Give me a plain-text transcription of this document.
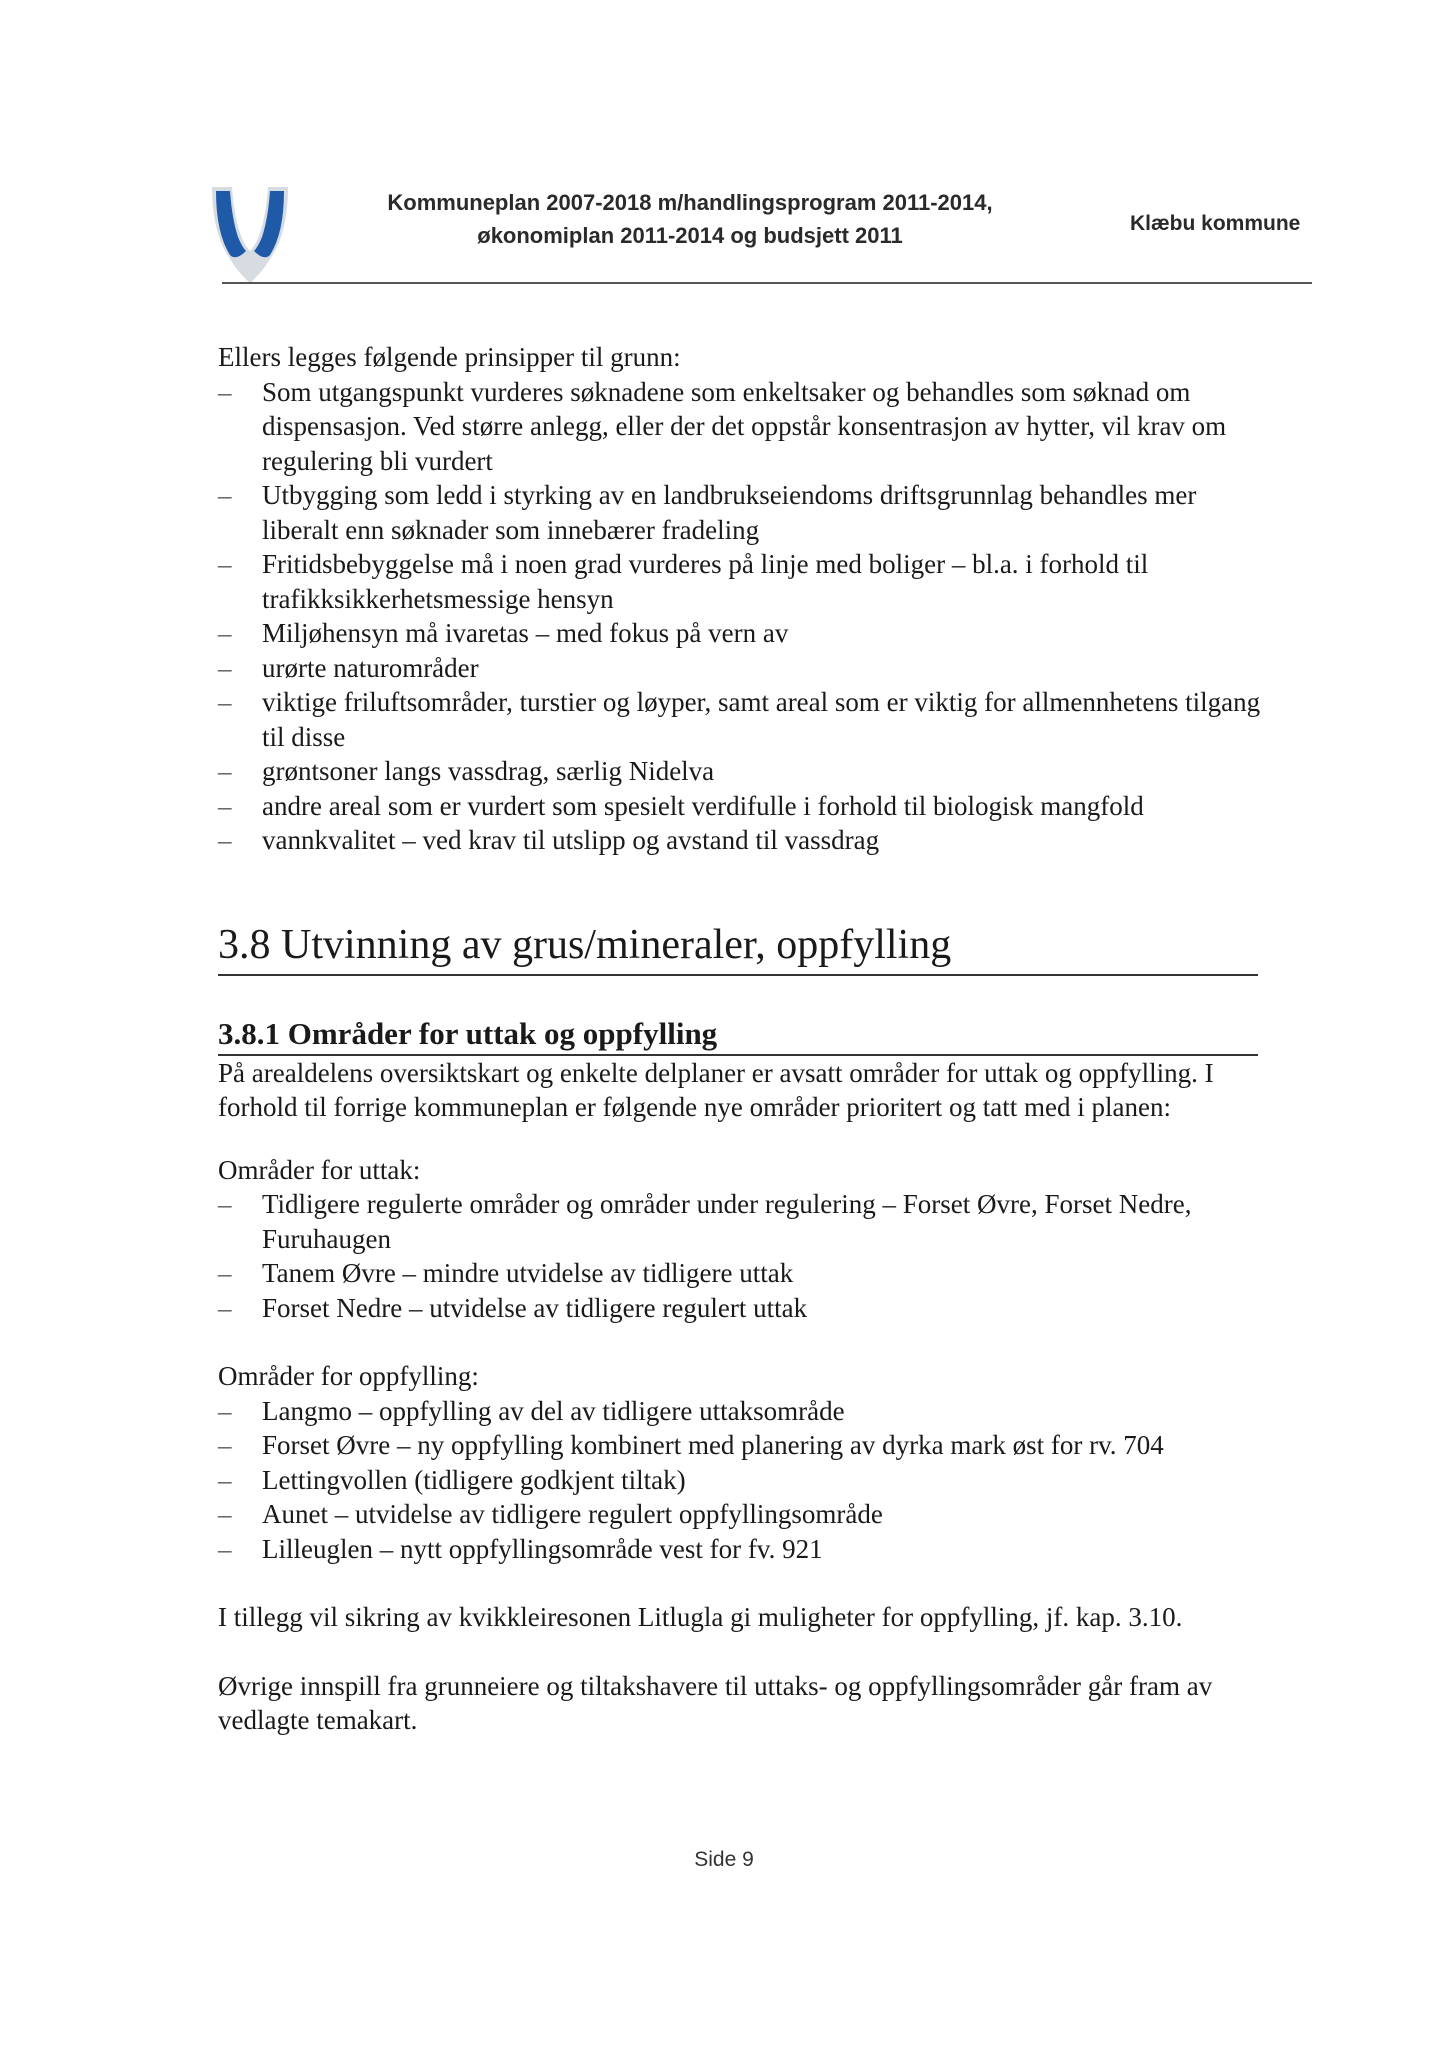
Kommuneplan 2007-2018 m/handlingsprogram 2011-2014,
økonomiplan 2011-2014 og budsjett 2011	Klæbu kommune

Ellers legges følgende prinsipper til grunn:

– Som utgangspunkt vurderes søknadene som enkeltsaker og behandles som søknad om dispensasjon. Ved større anlegg, eller der det oppstår konsentrasjon av hytter, vil krav om regulering bli vurdert
– Utbygging som ledd i styrking av en landbrukseiendoms driftsgrunnlag behandles mer liberalt enn søknader som innebærer fradeling
– Fritidsbebyggelse må i noen grad vurderes på linje med boliger – bl.a. i forhold til trafikksikkerhetsmessige hensyn
– Miljøhensyn må ivaretas – med fokus på vern av
– urørte naturområder
– viktige friluftsområder, turstier og løyper, samt areal som er viktig for allmennhetens tilgang til disse
– grøntsoner langs vassdrag, særlig Nidelva
– andre areal som er vurdert som spesielt verdifulle i forhold til biologisk mangfold
– vannkvalitet – ved krav til utslipp og avstand til vassdrag
3.8 Utvinning av grus/mineraler, oppfylling
3.8.1 Områder for uttak og oppfylling

På arealdelens oversiktskart og enkelte delplaner er avsatt områder for uttak og oppfylling. I forhold til forrige kommuneplan er følgende nye områder prioritert og tatt med i planen:

Områder for uttak:

– Tidligere regulerte områder og områder under regulering – Forset Øvre, Forset Nedre, Furuhaugen
– Tanem Øvre – mindre utvidelse av tidligere uttak
– Forset Nedre – utvidelse av tidligere regulert uttak

Områder for oppfylling:

– Langmo – oppfylling av del av tidligere uttaksområde
– Forset Øvre – ny oppfylling kombinert med planering av dyrka mark øst for rv. 704
– Lettingvollen (tidligere godkjent tiltak)
– Aunet – utvidelse av tidligere regulert oppfyllingsområde
– Lilleuglen – nytt oppfyllingsområde vest for fv. 921

I tillegg vil sikring av kvikkleiresonen Litlugla gi muligheter for oppfylling, jf. kap. 3.10.

Øvrige innspill fra grunneiere og tiltakshavere til uttaks- og oppfyllingsområder går fram av vedlagte temakart.

Side 9
